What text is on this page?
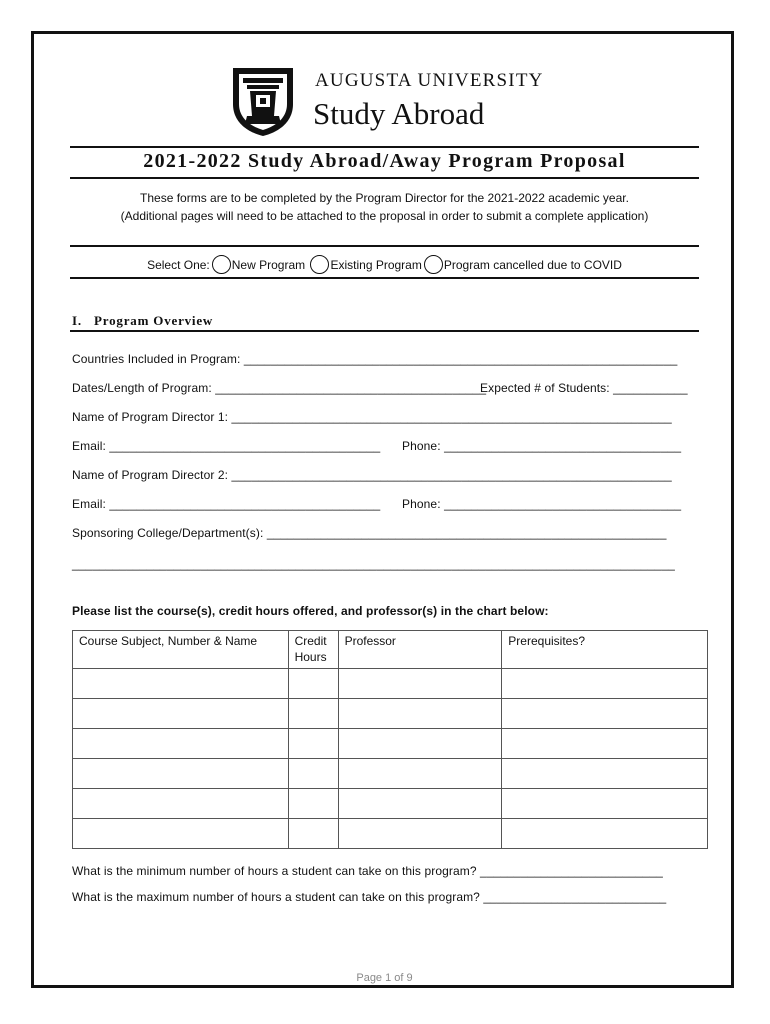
AUGUSTA UNIVERSITY
Study Abroad
2021-2022 Study Abroad/Away Program Proposal
These forms are to be completed by the Program Director for the 2021-2022 academic year.
(Additional pages will need to be attached to the proposal in order to submit a complete application)
Select One: New Program Existing Program Program cancelled due to COVID
I.   Program Overview
Countries Included in Program: ________________________________________________________________
Dates/Length of Program: ________________________________________
Expected # of Students: ___________
Name of Program Director 1: _________________________________________________________________
Email: ________________________________________ Phone: ___________________________________
Name of Program Director 2: _________________________________________________________________
Email: ________________________________________ Phone: ___________________________________
Sponsoring College/Department(s): ___________________________________________________________
_________________________________________________________________________________________
Please list the course(s), credit hours offered, and professor(s) in the chart below:
Course Subject, Number & Name	Credit Hours	Professor	Prerequisites?

What is the minimum number of hours a student can take on this program? ___________________________
What is the maximum number of hours a student can take on this program? ___________________________
Page 1 of 9
